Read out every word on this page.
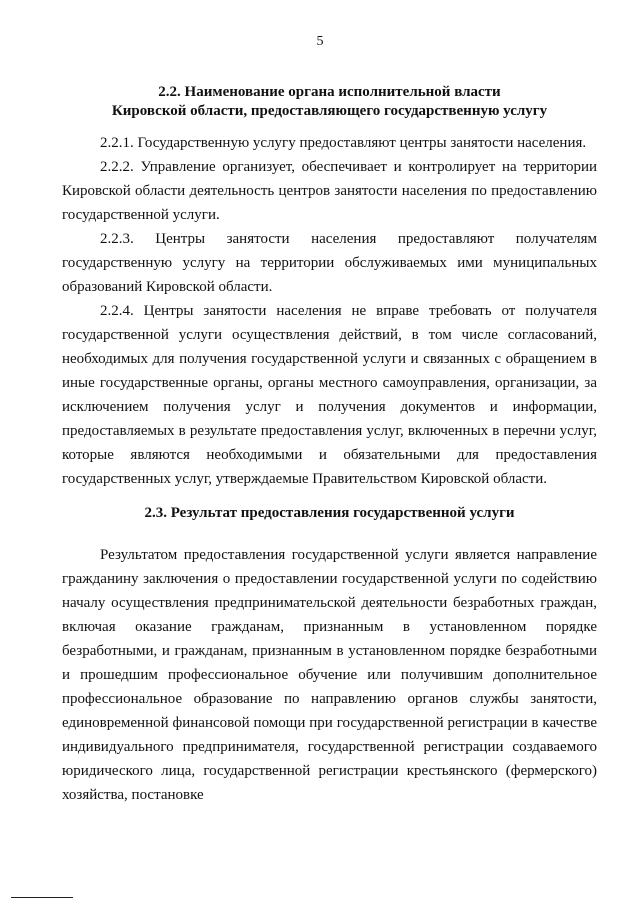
5
2.2. Наименование органа исполнительной власти
Кировской области, предоставляющего государственную услугу

2.2.1. Государственную услугу предоставляют центры занятости населения.

2.2.2. Управление организует, обеспечивает и контролирует на территории Кировской области деятельность центров занятости населения по предоставлению государственной услуги.

2.2.3. Центры занятости населения предоставляют получателям государственную услугу на территории обслуживаемых ими муниципальных образований Кировской области.

2.2.4. Центры занятости населения не вправе требовать от получателя государственной услуги осуществления действий, в том числе согласований, необходимых для получения государственной услуги и связанных с обращением в иные государственные органы, органы местного самоуправления, организации, за исключением получения услуг и получения документов и информации, предоставляемых в результате предоставления услуг, включенных в перечни услуг, которые являются необходимыми и обязательными для предоставления государственных услуг, утверждаемые Правительством Кировской области.

2.3. Результат предоставления государственной услуги

Результатом предоставления государственной услуги является направление гражданину заключения о предоставлении государственной услуги по содействию началу осуществления предпринимательской деятельности безработных граждан, включая оказание гражданам, признанным в установленном порядке безработными, и гражданам, признанным в установленном порядке безработными и прошедшим профессиональное обучение или получившим дополнительное профессиональное образование по направлению органов службы занятости, единовременной финансовой помощи при государственной регистрации в качестве индивидуального предпринимателя, государственной регистрации создаваемого юридического лица, государственной регистрации крестьянского (фермерского) хозяйства, постановке
